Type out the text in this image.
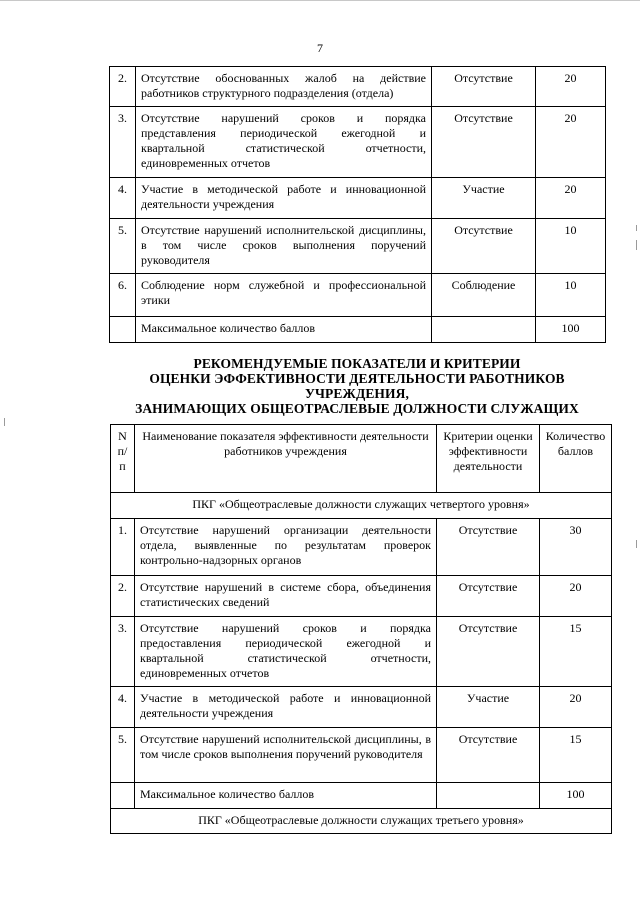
7
2.	Отсутствие обоснованных жалоб на действие работников структурного подразделения (отдела)	Отсутствие	20
3.	Отсутствие нарушений сроков и порядка представления периодической ежегодной и квартальной статистической отчетности, единовременных отчетов	Отсутствие	20
4.	Участие в методической работе и инновационной деятельности учреждения	Участие	20
5.	Отсутствие нарушений исполнительской дисциплины, в том числе сроков выполнения поручений руководителя	Отсутствие	10
6.	Соблюдение норм служебной и профессиональной этики	Соблюдение	10
	Максимальное количество баллов		100
РЕКОМЕНДУЕМЫЕ ПОКАЗАТЕЛИ И КРИТЕРИИ
ОЦЕНКИ ЭФФЕКТИВНОСТИ ДЕЯТЕЛЬНОСТИ РАБОТНИКОВ УЧРЕЖДЕНИЯ,
ЗАНИМАЮЩИХ ОБЩЕОТРАСЛЕВЫЕ ДОЛЖНОСТИ СЛУЖАЩИХ
N п/п	Наименование показателя эффективности деятельности работников учреждения	Критерии оценки эффективности деятельности	Количество баллов
ПКГ «Общеотраслевые должности служащих четвертого уровня»			
1.	Отсутствие нарушений организации деятельности отдела, выявленные по результатам проверок контрольно-надзорных органов	Отсутствие	30
2.	Отсутствие нарушений в системе сбора, объединения статистических сведений	Отсутствие	20
3.	Отсутствие нарушений сроков и порядка предоставления периодической ежегодной и квартальной статистической отчетности, единовременных отчетов	Отсутствие	15
4.	Участие в методической работе и инновационной деятельности учреждения	Участие	20
5.	Отсутствие нарушений исполнительской дисциплины, в том числе сроков выполнения поручений руководителя	Отсутствие	15
	Максимальное количество баллов		100
ПКГ «Общеотраслевые должности служащих третьего уровня»			
